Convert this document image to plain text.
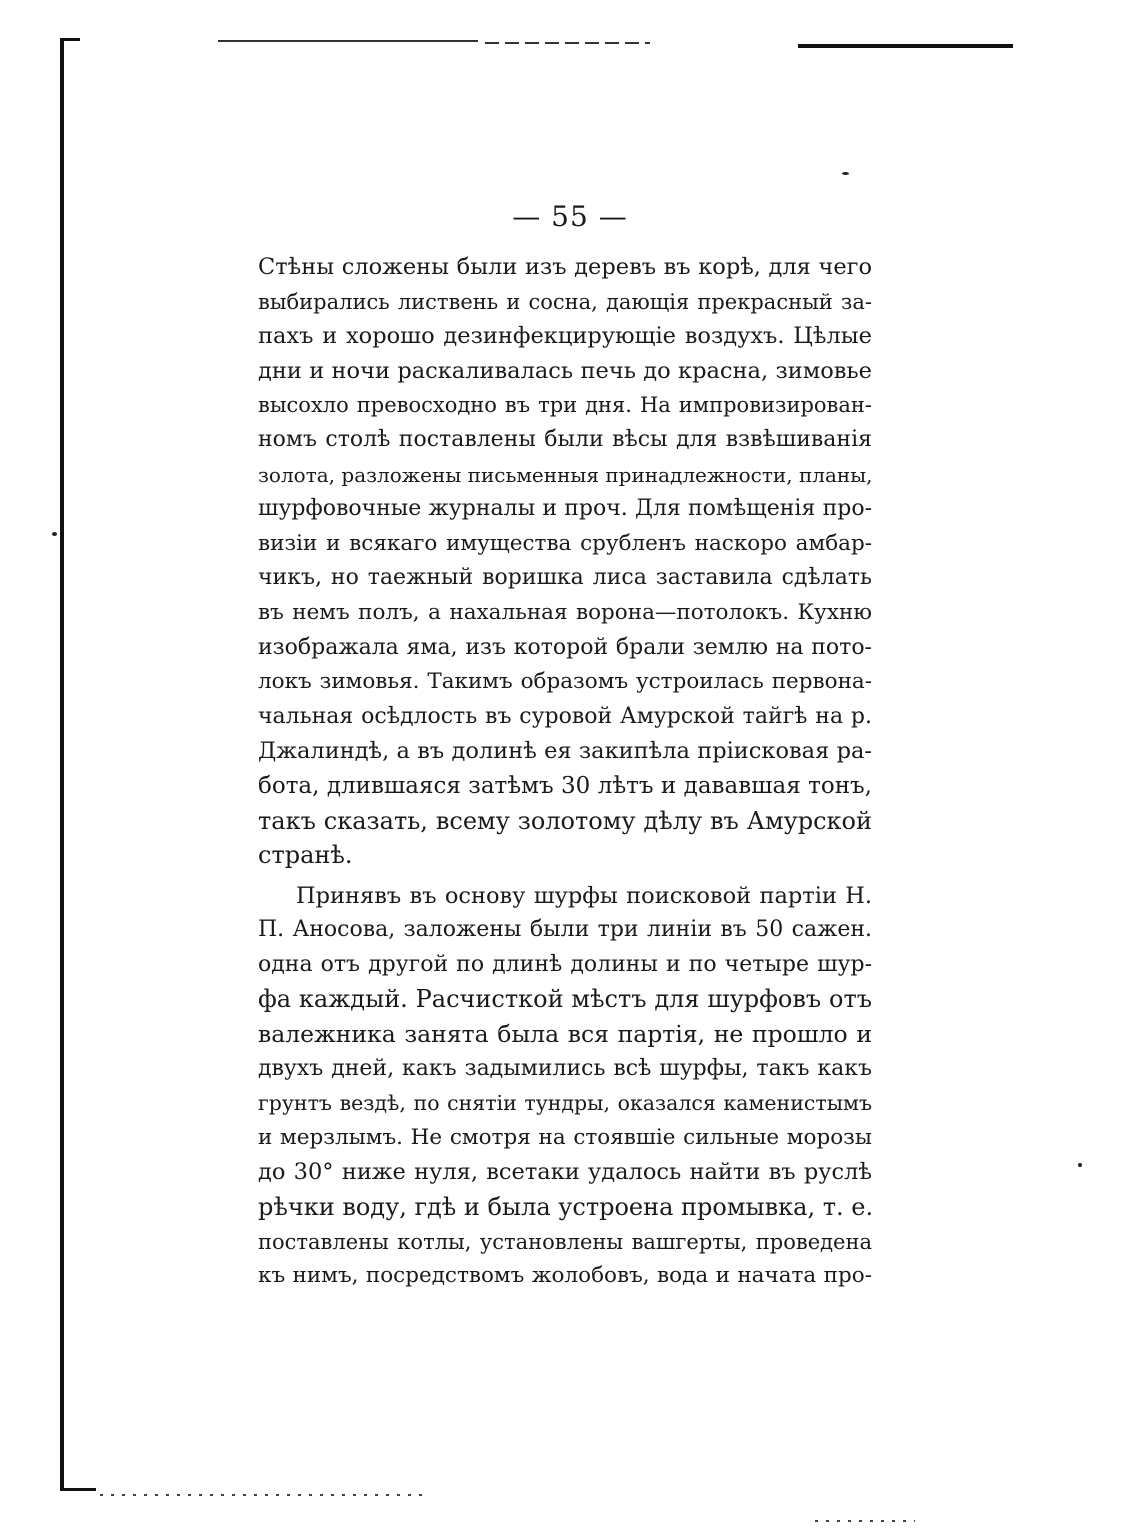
— 55 —
Стѣны сложены были изъ деревъ въ корѣ, для чего
выбирались листвень и сосна, дающія прекрасный за-
пахъ и хорошо дезинфекцирующіе воздухъ. Цѣлые
дни и ночи раскаливалась печь до красна, зимовье
высохло превосходно въ три дня. На импровизирован-
номъ столѣ поставлены были вѣсы для взвѣшиванія
золота, разложены письменныя принадлежности, планы,
шурфовочные журналы и проч. Для помѣщенія про-
визіи и всякаго имущества срубленъ наскоро амбар-
чикъ, но таежный воришка лиса заставила сдѣлать
въ немъ полъ, а нахальная ворона—потолокъ. Кухню
изображала яма, изъ которой брали землю на пото-
локъ зимовья. Такимъ образомъ устроилась первона-
чальная осѣдлость въ суровой Амурской тайгѣ на р.
Джалиндѣ, а въ долинѣ ея закипѣла пріисковая ра-
бота, длившаяся затѣмъ 30 лѣтъ и дававшая тонъ,
такъ сказать, всему золотому дѣлу въ Амурской
странѣ.
Принявъ въ основу шурфы поисковой партіи Н.
П. Аносова, заложены были три линіи въ 50 сажен.
одна отъ другой по длинѣ долины и по четыре шур-
фа каждый. Расчисткой мѣстъ для шурфовъ отъ
валежника занята была вся партія, не прошло и
двухъ дней, какъ задымились всѣ шурфы, такъ какъ
грунтъ вездѣ, по снятіи тундры, оказался каменистымъ
и мерзлымъ. Не смотря на стоявшіе сильные морозы
до 30° ниже нуля, всетаки удалось найти въ руслѣ
рѣчки воду, гдѣ и была устроена промывка, т. е.
поставлены котлы, установлены вашгерты, проведена
къ нимъ, посредствомъ жолобовъ, вода и начата про-
